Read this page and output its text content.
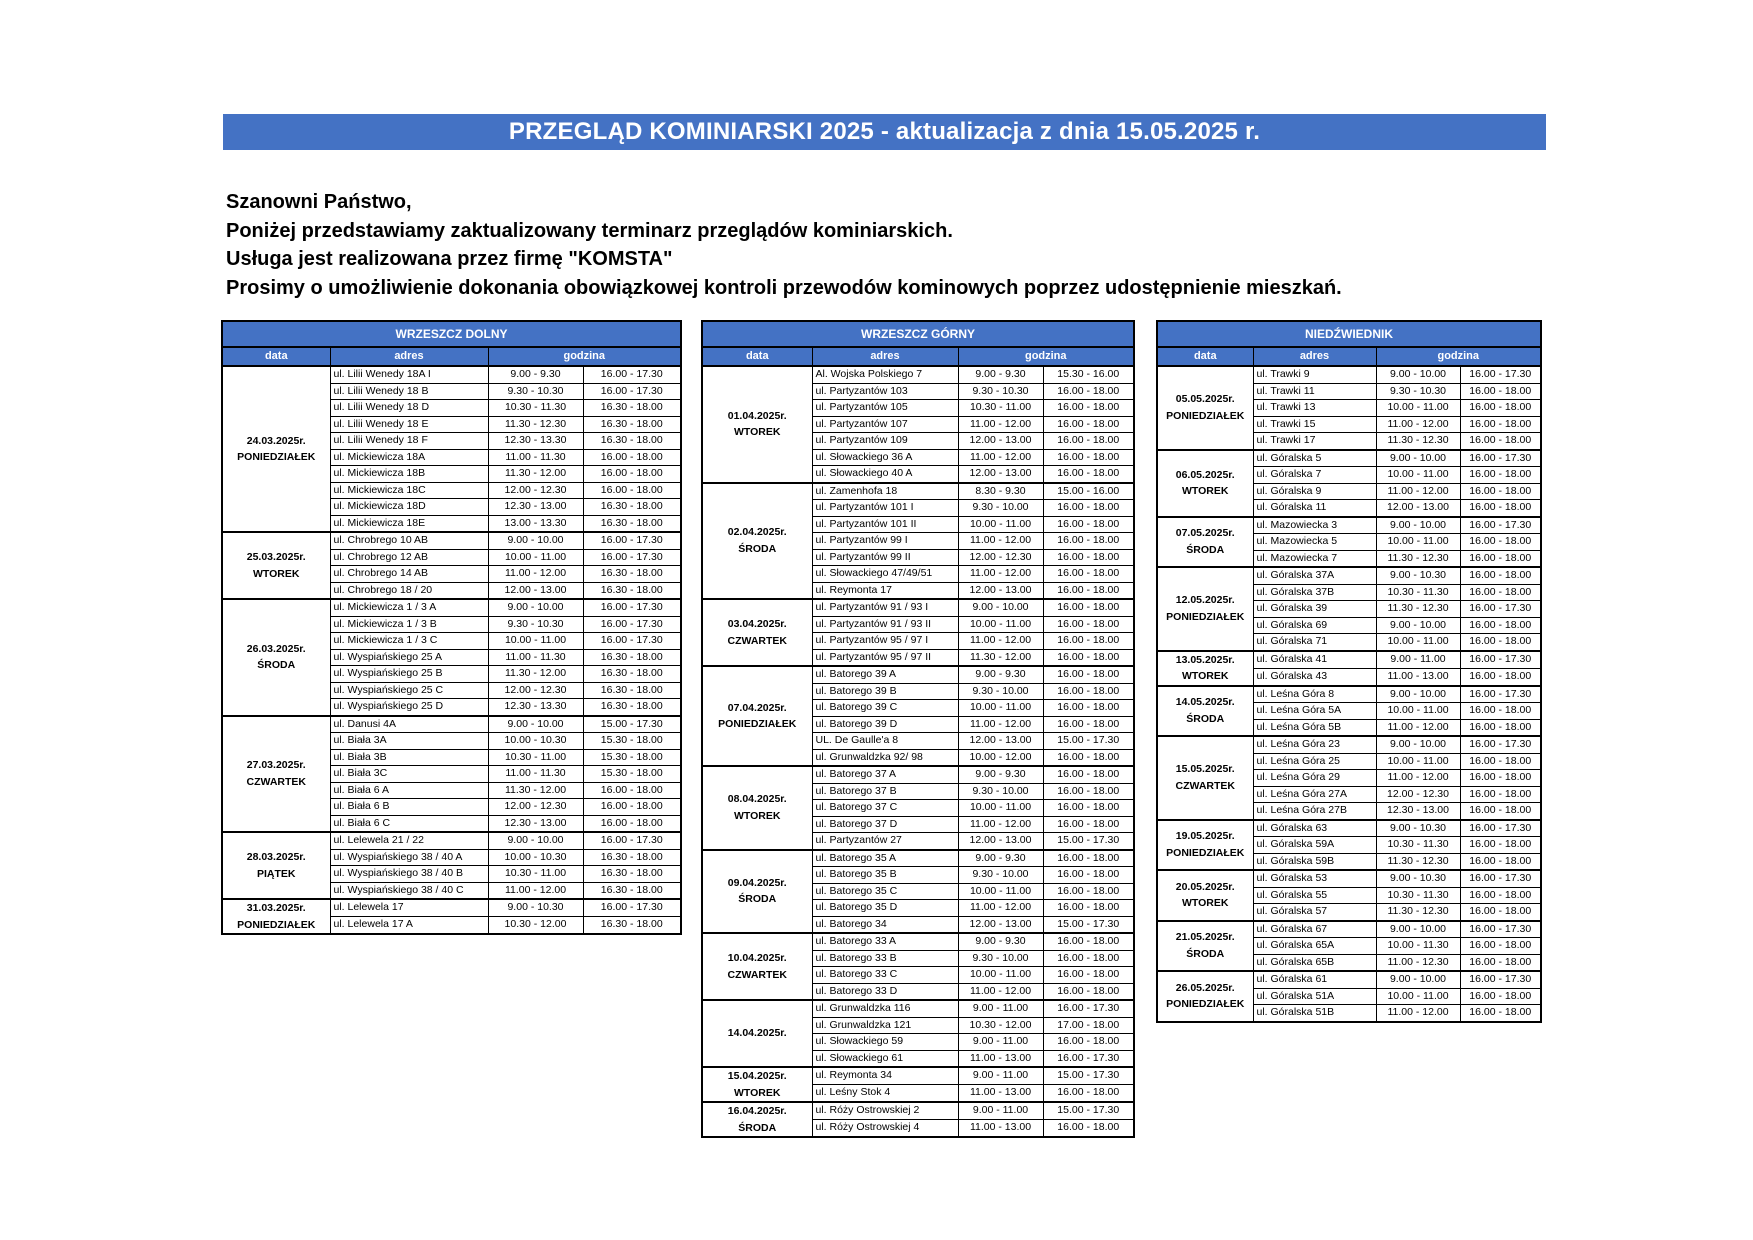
PRZEGLĄD KOMINIARSKI 2025 - aktualizacja z dnia 15.05.2025 r.
Szanowni Państwo,
Poniżej przedstawiamy zaktualizowany terminarz przeglądów kominiarskich.
Usługa jest realizowana przez firmę "KOMSTA"
Prosimy o umożliwienie dokonania obowiązkowej kontroli przewodów kominowych poprzez udostępnienie mieszkań.
WRZESZCZ DOLNY			
data	adres	godzina	

24.03.2025r.
PONIEDZIAŁEK	ul. Lilii Wenedy 18A I	9.00 - 9.30	16.00 - 17.30
	ul. Lilii Wenedy 18 B	9.30 - 10.30	16.00 - 17.30
	ul. Lilii Wenedy 18 D	10.30 - 11.30	16.30 - 18.00
	ul. Lilii Wenedy 18 E	11.30 - 12.30	16.30 - 18.00
	ul. Lilii Wenedy 18 F	12.30 - 13.30	16.30 - 18.00
	ul. Mickiewicza 18A	11.00 - 11.30	16.00 - 18.00
	ul. Mickiewicza 18B	11.30 - 12.00	16.00 - 18.00
	ul. Mickiewicza 18C	12.00 - 12.30	16.00 - 18.00
	ul. Mickiewicza 18D	12.30 - 13.00	16.30 - 18.00
	ul. Mickiewicza 18E	13.00 - 13.30	16.30 - 18.00

25.03.2025r.
WTOREK	ul. Chrobrego 10 AB	9.00 - 10.00	16.00 - 17.30
	ul. Chrobrego 12 AB	10.00 - 11.00	16.00 - 17.30
	ul. Chrobrego 14 AB	11.00 - 12.00	16.30 - 18.00
	ul. Chrobrego 18 / 20	12.00 - 13.00	16.30 - 18.00

26.03.2025r.
ŚRODA	ul. Mickiewicza 1 / 3 A	9.00 - 10.00	16.00 - 17.30
	ul. Mickiewicza 1 / 3 B	9.30 - 10.30	16.00 - 17.30
	ul. Mickiewicza 1 / 3 C	10.00 - 11.00	16.00 - 17.30
	ul. Wyspiańskiego 25 A	11.00 - 11.30	16.30 - 18.00
	ul. Wyspiańskiego 25 B	11.30 - 12.00	16.30 - 18.00
	ul. Wyspiańskiego 25 C	12.00 - 12.30	16.30 - 18.00
	ul. Wyspiańskiego 25 D	12.30 - 13.30	16.30 - 18.00

27.03.2025r.
CZWARTEK	ul. Danusi 4A	9.00 - 10.00	15.00 - 17.30
	ul. Biała 3A	10.00 - 10.30	15.30 - 18.00
	ul. Biała 3B	10.30 - 11.00	15.30 - 18.00
	ul. Biała 3C	11.00 - 11.30	15.30 - 18.00
	ul. Biała 6 A	11.30 - 12.00	16.00 - 18.00
	ul. Biała 6 B	12.00 - 12.30	16.00 - 18.00
	ul. Biała 6 C	12.30 - 13.00	16.00 - 18.00

28.03.2025r.
PIĄTEK	ul. Lelewela 21 / 22	9.00 - 10.00	16.00 - 17.30
	ul. Wyspiańskiego 38 / 40 A	10.00 - 10.30	16.30 - 18.00
	ul. Wyspiańskiego 38 / 40 B	10.30 - 11.00	16.30 - 18.00
	ul. Wyspiańskiego 38 / 40 C	11.00 - 12.00	16.30 - 18.00

31.03.2025r.
PONIEDZIAŁEK	ul. Lelewela 17	9.00 - 10.30	16.00 - 17.30
	ul. Lelewela 17 A	10.30 - 12.00	16.30 - 18.00
WRZESZCZ GÓRNY			
data	adres	godzina	

01.04.2025r.
WTOREK	Al. Wojska Polskiego 7	9.00 - 9.30	15.30 - 16.00
	ul. Partyzantów 103	9.30 - 10.30	16.00 - 18.00
	ul. Partyzantów 105	10.30 - 11.00	16.00 - 18.00
	ul. Partyzantów 107	11.00 - 12.00	16.00 - 18.00
	ul. Partyzantów 109	12.00 - 13.00	16.00 - 18.00
	ul. Słowackiego 36 A	11.00 - 12.00	16.00 - 18.00
	ul. Słowackiego 40 A	12.00 - 13.00	16.00 - 18.00

02.04.2025r.
ŚRODA	ul. Zamenhofa 18	8.30 - 9.30	15.00 - 16.00
	ul. Partyzantów 101 I	9.30 - 10.00	16.00 - 18.00
	ul. Partyzantów 101 II	10.00 - 11.00	16.00 - 18.00
	ul. Partyzantów 99 I	11.00 - 12.00	16.00 - 18.00
	ul. Partyzantów 99 II	12.00 - 12.30	16.00 - 18.00
	ul. Słowackiego 47/49/51	11.00 - 12.00	16.00 - 18.00
	ul. Reymonta 17	12.00 - 13.00	16.00 - 18.00

03.04.2025r.
CZWARTEK	ul. Partyzantów 91 / 93 I	9.00 - 10.00	16.00 - 18.00
	ul. Partyzantów 91 / 93 II	10.00 - 11.00	16.00 - 18.00
	ul. Partyzantów 95 / 97 I	11.00 - 12.00	16.00 - 18.00
	ul. Partyzantów 95 / 97 II	11.30 - 12.00	16.00 - 18.00

07.04.2025r.
PONIEDZIAŁEK	ul. Batorego 39 A	9.00 - 9.30	16.00 - 18.00
	ul. Batorego 39 B	9.30 - 10.00	16.00 - 18.00
	ul. Batorego 39 C	10.00 - 11.00	16.00 - 18.00
	ul. Batorego 39 D	11.00 - 12.00	16.00 - 18.00
	UL. De Gaulle'a 8	12.00 - 13.00	15.00 - 17.30
	ul. Grunwaldzka 92/ 98	10.00 - 12.00	16.00 - 18.00

08.04.2025r.
WTOREK	ul. Batorego 37 A	9.00 - 9.30	16.00 - 18.00
	ul. Batorego 37 B	9.30 - 10.00	16.00 - 18.00
	ul. Batorego 37 C	10.00 - 11.00	16.00 - 18.00
	ul. Batorego 37 D	11.00 - 12.00	16.00 - 18.00
	ul. Partyzantów 27	12.00 - 13.00	15.00 - 17.30

09.04.2025r.
ŚRODA	ul. Batorego 35 A	9.00 - 9.30	16.00 - 18.00
	ul. Batorego 35 B	9.30 - 10.00	16.00 - 18.00
	ul. Batorego 35 C	10.00 - 11.00	16.00 - 18.00
	ul. Batorego 35 D	11.00 - 12.00	16.00 - 18.00
	ul. Batorego 34	12.00 - 13.00	15.00 - 17.30

10.04.2025r.
CZWARTEK	ul. Batorego 33 A	9.00 - 9.30	16.00 - 18.00
	ul. Batorego 33 B	9.30 - 10.00	16.00 - 18.00
	ul. Batorego 33 C	10.00 - 11.00	16.00 - 18.00
	ul. Batorego 33 D	11.00 - 12.00	16.00 - 18.00

14.04.2025r.	ul. Grunwaldzka 116	9.00 - 11.00	16.00 - 17.30
	ul. Grunwaldzka 121	10.30 - 12.00	17.00 - 18.00
	ul. Słowackiego 59	9.00 - 11.00	16.00 - 18.00
	ul. Słowackiego 61	11.00 - 13.00	16.00 - 17.30

15.04.2025r.
WTOREK	ul. Reymonta 34	9.00 - 11.00	15.00 - 17.30
	ul. Leśny Stok 4	11.00 - 13.00	16.00 - 18.00

16.04.2025r.
ŚRODA	ul. Róży Ostrowskiej 2	9.00 - 11.00	15.00 - 17.30
	ul. Róży Ostrowskiej 4	11.00 - 13.00	16.00 - 18.00
NIEDŹWIEDNIK			
data	adres	godzina	

05.05.2025r.
PONIEDZIAŁEK	ul. Trawki 9	9.00 - 10.00	16.00 - 17.30
	ul. Trawki 11	9.30 - 10.30	16.00 - 18.00
	ul. Trawki 13	10.00 - 11.00	16.00 - 18.00
	ul. Trawki 15	11.00 - 12.00	16.00 - 18.00
	ul. Trawki 17	11.30 - 12.30	16.00 - 18.00

06.05.2025r.
WTOREK	ul. Góralska 5	9.00 - 10.00	16.00 - 17.30
	ul. Góralska 7	10.00 - 11.00	16.00 - 18.00
	ul. Góralska 9	11.00 - 12.00	16.00 - 18.00
	ul. Góralska 11	12.00 - 13.00	16.00 - 18.00

07.05.2025r.
ŚRODA	ul. Mazowiecka 3	9.00 - 10.00	16.00 - 17.30
	ul. Mazowiecka 5	10.00 - 11.00	16.00 - 18.00
	ul. Mazowiecka 7	11.30 - 12.30	16.00 - 18.00

12.05.2025r.
PONIEDZIAŁEK	ul. Góralska 37A	9.00 - 10.30	16.00 - 18.00
	ul. Góralska 37B	10.30 - 11.30	16.00 - 18.00
	ul. Góralska 39	11.30 - 12.30	16.00 - 17.30
	ul. Góralska 69	9.00 - 10.00	16.00 - 18.00
	ul. Góralska 71	10.00 - 11.00	16.00 - 18.00

13.05.2025r.
WTOREK	ul. Góralska 41	9.00 - 11.00	16.00 - 17.30
	ul. Góralska 43	11.00 - 13.00	16.00 - 18.00

14.05.2025r.
ŚRODA	ul. Leśna Góra 8	9.00 - 10.00	16.00 - 17.30
	ul. Leśna Góra 5A	10.00 - 11.00	16.00 - 18.00
	ul. Leśna Góra 5B	11.00 - 12.00	16.00 - 18.00

15.05.2025r.
CZWARTEK	ul. Leśna Góra 23	9.00 - 10.00	16.00 - 17.30
	ul. Leśna Góra 25	10.00 - 11.00	16.00 - 18.00
	ul. Leśna Góra 29	11.00 - 12.00	16.00 - 18.00
	ul. Leśna Góra 27A	12.00 - 12.30	16.00 - 18.00
	ul. Leśna Góra 27B	12.30 - 13.00	16.00 - 18.00

19.05.2025r.
PONIEDZIAŁEK	ul. Góralska 63	9.00 - 10.30	16.00 - 17.30
	ul. Góralska 59A	10.30 - 11.30	16.00 - 18.00
	ul. Góralska 59B	11.30 - 12.30	16.00 - 18.00

20.05.2025r.
WTOREK	ul. Góralska 53	9.00 - 10.30	16.00 - 17.30
	ul. Góralska 55	10.30 - 11.30	16.00 - 18.00
	ul. Góralska 57	11.30 - 12.30	16.00 - 18.00

21.05.2025r.
ŚRODA	ul. Góralska 67	9.00 - 10.00	16.00 - 17.30
	ul. Góralska 65A	10.00 - 11.30	16.00 - 18.00
	ul. Góralska 65B	11.00 - 12.30	16.00 - 18.00

26.05.2025r.
PONIEDZIAŁEK	ul. Góralska 61	9.00 - 10.00	16.00 - 17.30
	ul. Góralska 51A	10.00 - 11.00	16.00 - 18.00
	ul. Góralska 51B	11.00 - 12.00	16.00 - 18.00
